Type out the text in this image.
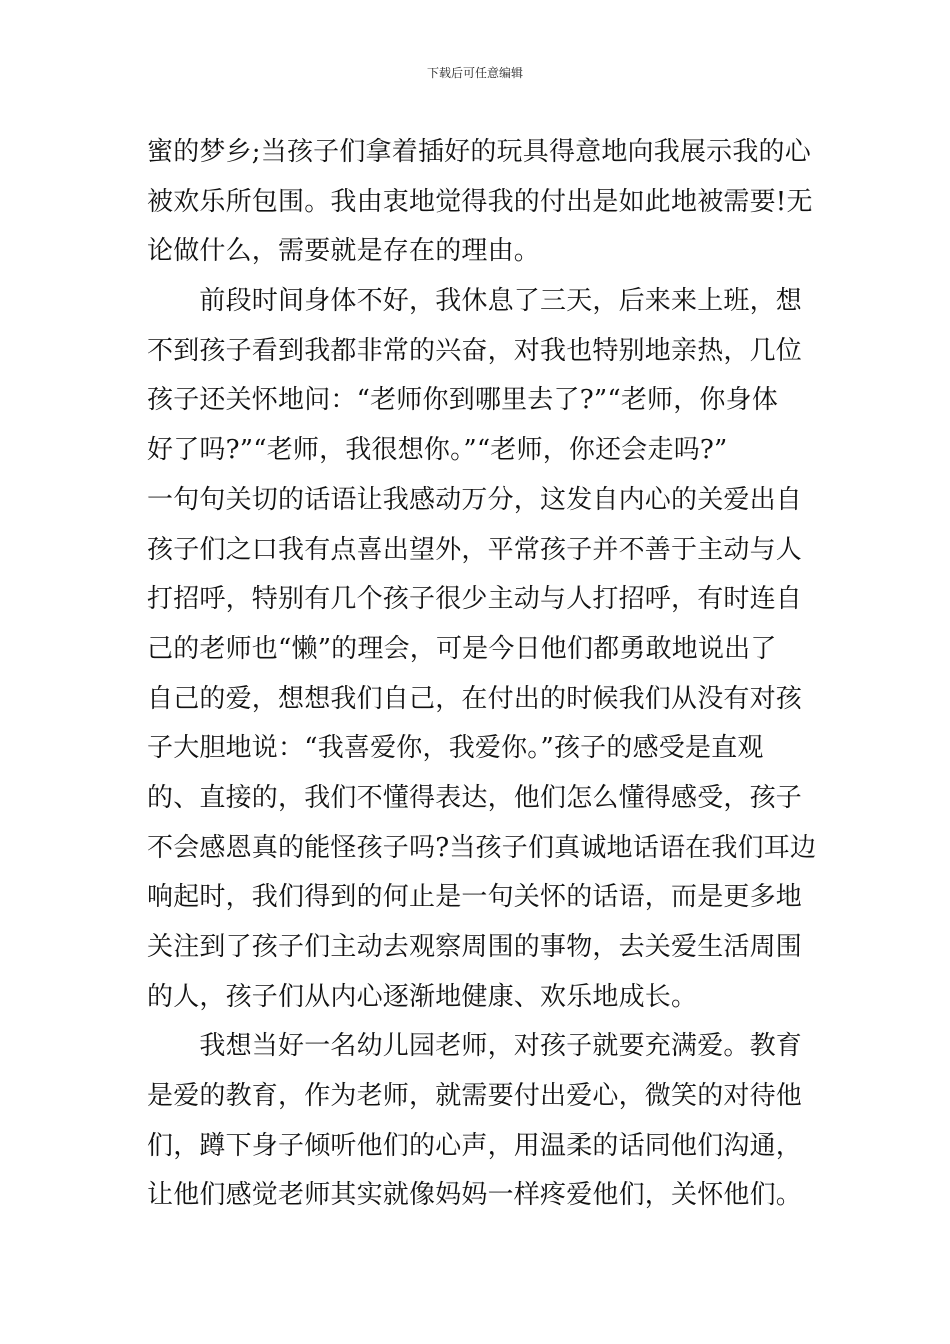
下载后可任意编辑
蜜的梦乡;当孩子们拿着插好的玩具得意地向我展示我的心
被欢乐所包围。我由衷地觉得我的付出是如此地被需要!无
论做什么，需要就是存在的理由。
　　前段时间身体不好，我休息了三天，后来来上班，想
不到孩子看到我都非常的兴奋，对我也特别地亲热，几位
孩子还关怀地问：“老师你到哪里去了?”“老师，你身体
好了吗?”“老师，我很想你。”“老师，你还会走吗?”
一句句关切的话语让我感动万分，这发自内心的关爱出自
孩子们之口我有点喜出望外，平常孩子并不善于主动与人
打招呼，特别有几个孩子很少主动与人打招呼，有时连自
己的老师也“懒”的理会，可是今日他们都勇敢地说出了
自己的爱，想想我们自己，在付出的时候我们从没有对孩
子大胆地说：“我喜爱你，我爱你。”孩子的感受是直观
的、直接的，我们不懂得表达，他们怎么懂得感受，孩子
不会感恩真的能怪孩子吗?当孩子们真诚地话语在我们耳边
响起时，我们得到的何止是一句关怀的话语，而是更多地
关注到了孩子们主动去观察周围的事物，去关爱生活周围
的人，孩子们从内心逐渐地健康、欢乐地成长。
　　我想当好一名幼儿园老师，对孩子就要充满爱。教育
是爱的教育，作为老师，就需要付出爱心，微笑的对待他
们，蹲下身子倾听他们的心声，用温柔的话同他们沟通，
让他们感觉老师其实就像妈妈一样疼爱他们，关怀他们。
